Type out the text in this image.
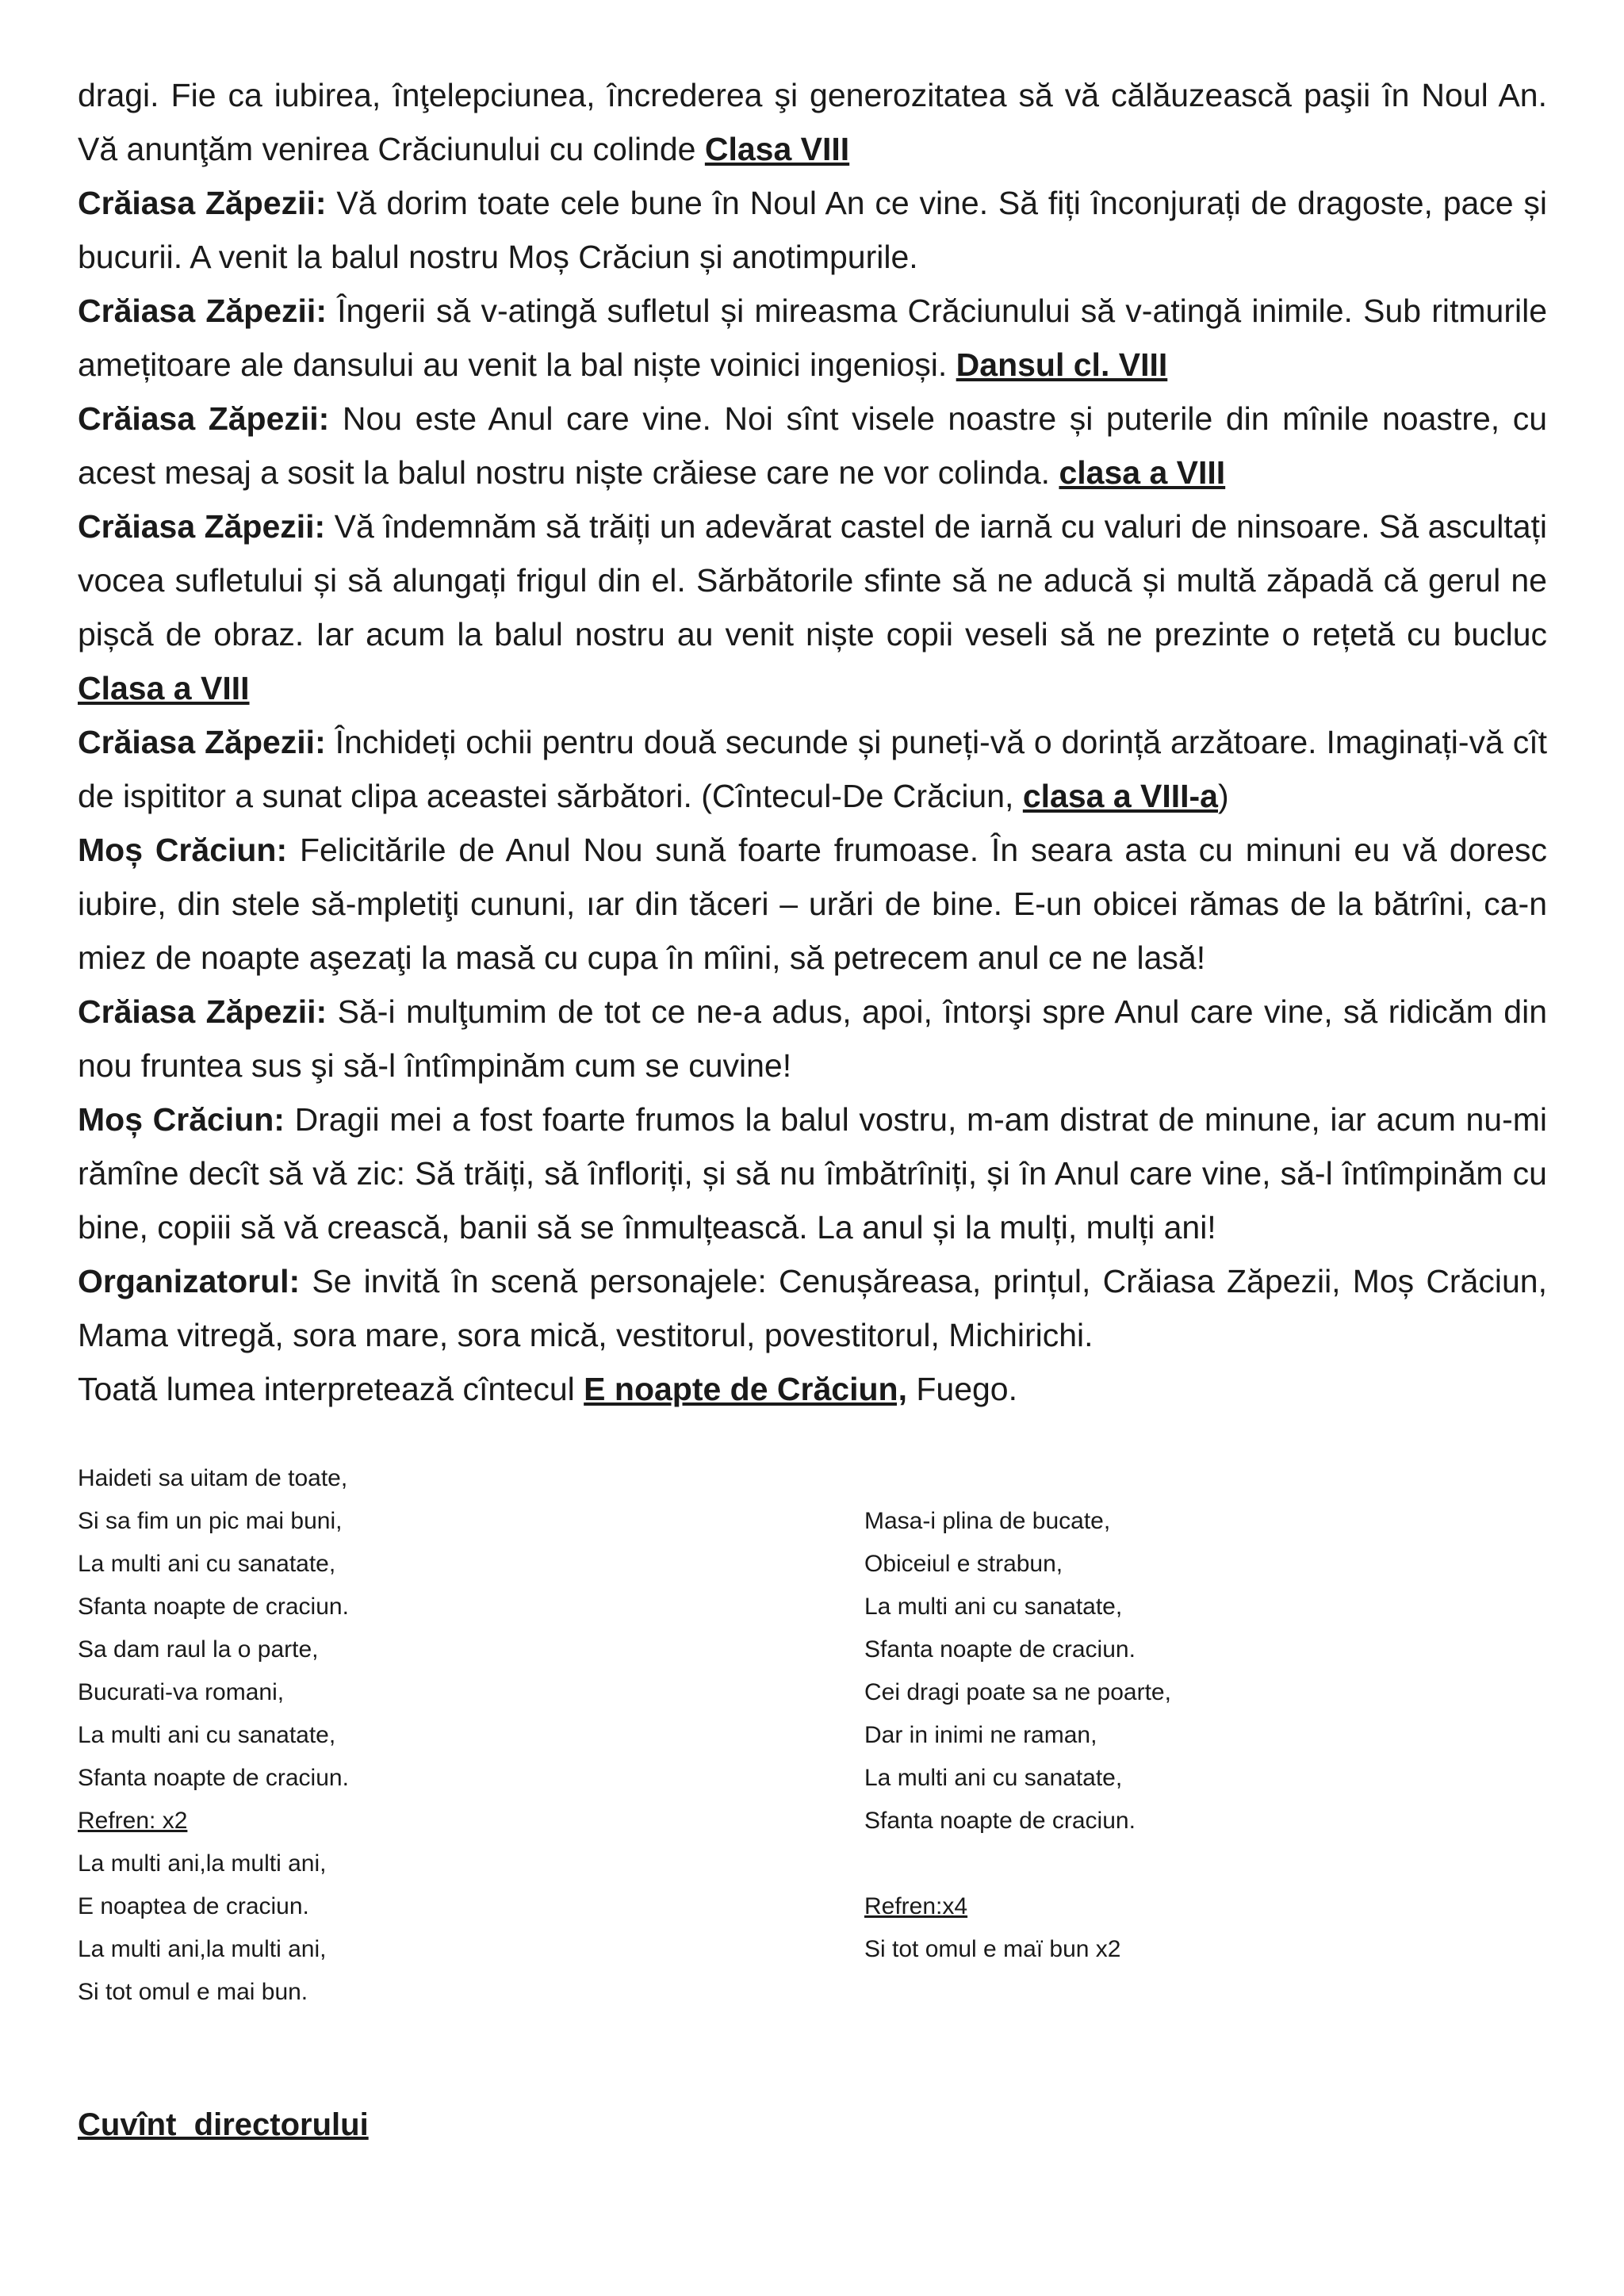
dragi. Fie ca iubirea, înţelepciunea, încrederea şi generozitatea să vă călăuzească paşii în Noul An. Vă anunţăm venirea Crăciunului cu colinde Clasa VIII

Crăiasa Zăpezii: Vă dorim toate cele bune în Noul An ce vine. Să fiți înconjurați de dragoste, pace și bucurii. A venit la balul nostru Moș Crăciun și anotimpurile.

Crăiasa Zăpezii: Îngerii să v-atingă sufletul și mireasma Crăciunului să v-atingă inimile. Sub ritmurile amețitoare ale dansului au venit la bal niște voinici ingenioși. Dansul cl. VIII

Crăiasa Zăpezii: Nou este Anul care vine. Noi sînt visele noastre și puterile din mînile noastre, cu acest mesaj a sosit la balul nostru niște crăiese care ne vor colinda. clasa a VIII

Crăiasa Zăpezii: Vă îndemnăm să trăiți un adevărat castel de iarnă cu valuri de ninsoare. Să ascultați vocea sufletului și să alungați frigul din el. Sărbătorile sfinte să ne aducă și multă zăpadă că gerul ne pișcă de obraz. Iar acum la balul nostru au venit niște copii veseli să ne prezinte o rețetă cu bucluc Clasa a VIII

Crăiasa Zăpezii: Închideți ochii pentru două secunde și puneți-vă o dorință arzătoare. Imaginați-vă cît de ispititor a sunat clipa aceastei sărbători. (Cîntecul-De Crăciun, clasa a VIII-a)

Moș Crăciun: Felicitările de Anul Nou sună foarte frumoase. În seara asta cu minuni eu vă doresc iubire, din stele să-mpletiţi cununi, ıar din tăceri – urări de bine. E-un obicei rămas de la bătrîni, ca-n miez de noapte aşezaţi la masă cu cupa în mîini, să petrecem anul ce ne lasă!

Crăiasa Zăpezii: Să-i mulţumim de tot ce ne-a adus, apoi, întorşi spre Anul care vine, să ridicăm din nou fruntea sus şi să-l întîmpinăm cum se cuvine!

Moș Crăciun: Dragii mei a fost foarte frumos la balul vostru, m-am distrat de minune, iar acum nu-mi rămîne decît să vă zic: Să trăiți, să înfloriți, și să nu îmbătrîniți, și în Anul care vine, să-l întîmpinăm cu bine, copiii să vă crească, banii să se înmulțească. La anul și la mulți, mulți ani!

Organizatorul: Se invită în scenă personajele: Cenușăreasa, prințul, Crăiasa Zăpezii, Moș Crăciun, Mama vitregă, sora mare, sora mică, vestitorul, povestitorul, Michirichi.

Toată lumea interpretează cîntecul E noapte de Crăciun, Fuego.

Haideti sa uitam de toate,
Si sa fim un pic mai buni,
La multi ani cu sanatate,
Sfanta noapte de craciun.
Sa dam raul la o parte,
Bucurati-va romani,
La multi ani cu sanatate,
Sfanta noapte de craciun.
Refren: x2
La multi ani,la multi ani,
E noaptea de craciun.
La multi ani,la multi ani,
Si tot omul e mai bun.
Masa-i plina de bucate,
Obiceiul e strabun,
La multi ani cu sanatate,
Sfanta noapte de craciun.
Cei dragi poate sa ne poarte,
Dar in inimi ne raman,
La multi ani cu sanatate,
Sfanta noapte de craciun.
Refren:x4
Si tot omul e maï bun x2
Cuvînt  directorului
